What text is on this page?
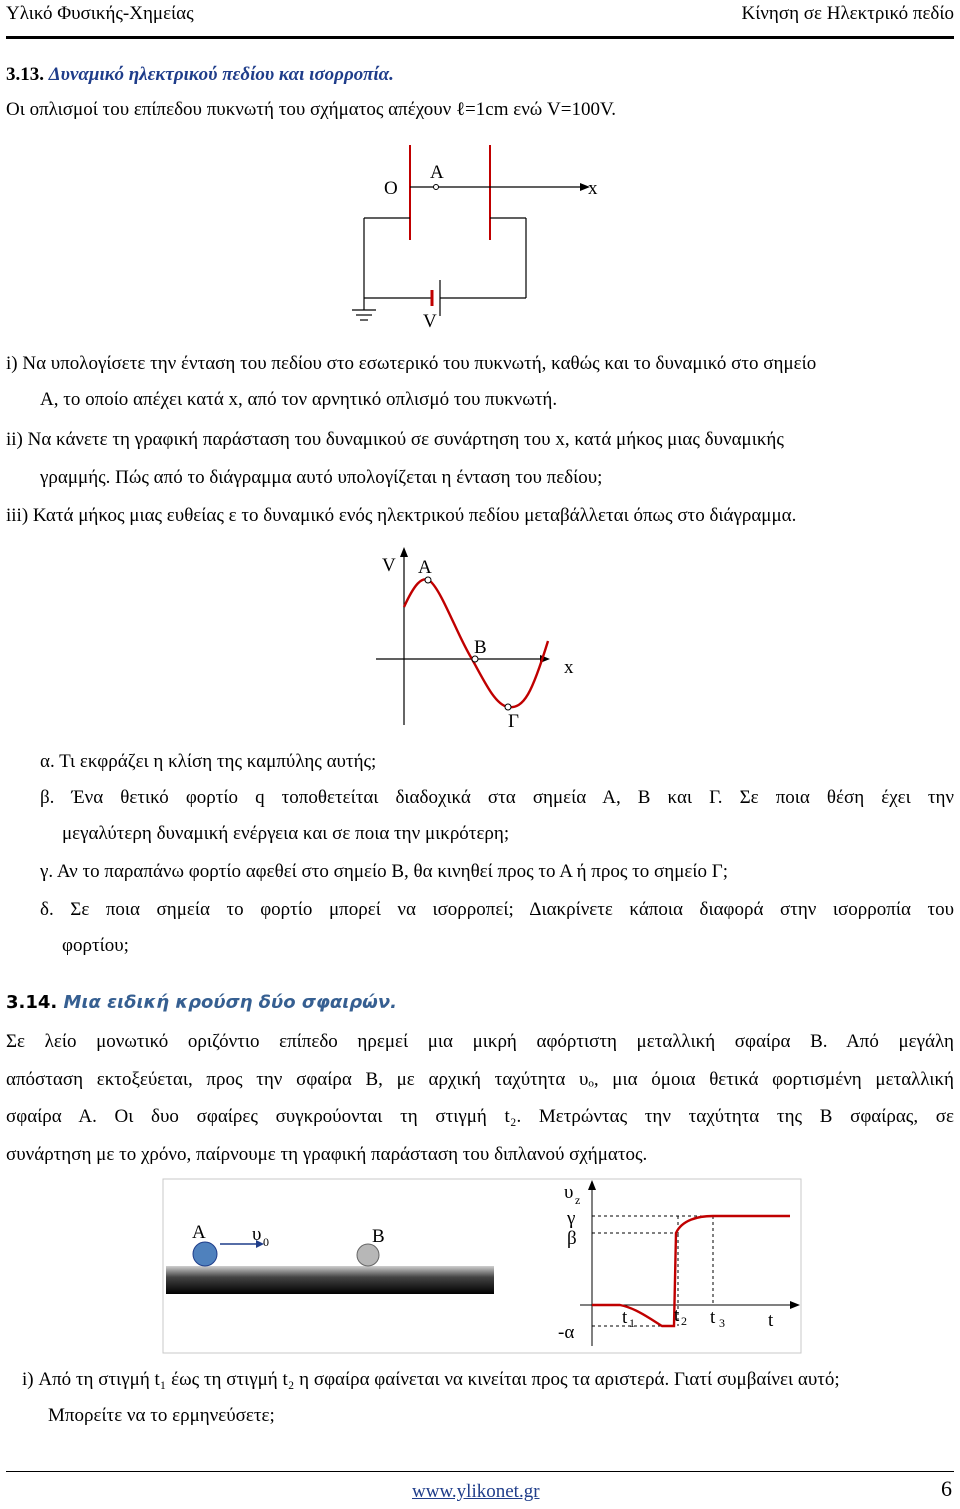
Υλικό Φυσικής-Χημείας	Κίνηση σε Ηλεκτρικό πεδίο
3.13. Δυναμικό ηλεκτρικού πεδίου και ισορροπία.
Οι οπλισμοί του επίπεδου πυκνωτή του σχήματος απέχουν ℓ=1cm ενώ V=100V.
O
A
x
V
i) Να υπολογίσετε την ένταση του πεδίου στο εσωτερικό του πυκνωτή, καθώς και το δυναμικό στο σημείο
Α, το οποίο απέχει κατά x, από τον αρνητικό οπλισμό του πυκνωτή.
ii) Να κάνετε τη γραφική παράσταση του δυναμικού σε συνάρτηση του x, κατά μήκος μιας δυναμικής
γραμμής. Πώς από το διάγραμμα αυτό υπολογίζεται η ένταση του πεδίου;
iii) Κατά μήκος μιας ευθείας ε το δυναμικό ενός ηλεκτρικού πεδίου μεταβάλλεται όπως στο διάγραμμα.
V A
B
x
Γ
α. Τι εκφράζει η κλίση της καμπύλης αυτής;
β. Ένα θετικό φορτίο q τοποθετείται διαδοχικά στα σημεία Α, Β και Γ. Σε ποια θέση έχει την
μεγαλύτερη δυναμική ενέργεια και σε ποια την μικρότερη;
γ. Αν το παραπάνω φορτίο αφεθεί στο σημείο Β, θα κινηθεί προς το Α ή προς το σημείο Γ;
δ. Σε ποια σημεία το φορτίο μπορεί να ισορροπεί; Διακρίνετε κάποια διαφορά στην ισορροπία του
φορτίου;
3.14. Μια ειδική κρούση δύο σφαιρών.
Σε λείο μονωτικό οριζόντιο επίπεδο ηρεμεί μια μικρή αφόρτιστη μεταλλική σφαίρα Β. Από μεγάλη
απόσταση εκτοξεύεται, προς την σφαίρα Β, με αρχική ταχύτητα υₒ, μια όμοια θετικά φορτισμένη μεταλλική
σφαίρα Α. Οι δυο σφαίρες συγκρούονται τη στιγμή t₂. Μετρώντας την ταχύτητα της Β σφαίρας, σε
συνάρτηση με το χρόνο, παίρνουμε τη γραφική παράσταση του διπλανού σχήματος.
A υ 0	B
υ z
γ
β
-α
t 1 t 2 t 3 t
i) Από τη στιγμή t₁ έως τη στιγμή t₂ η σφαίρα φαίνεται να κινείται προς τα αριστερά. Γιατί συμβαίνει αυτό;
Μπορείτε να το ερμηνεύσετε;
www.ylikonet.gr	6
